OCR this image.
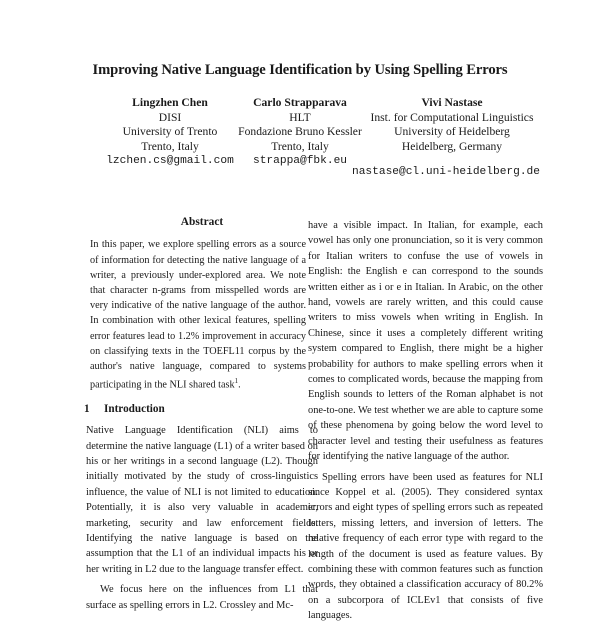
Improving Native Language Identification by Using Spelling Errors
Lingzhen Chen
DISI
University of Trento
Trento, Italy
lzchen.cs@gmail.com
Carlo Strapparava
HLT
Fondazione Bruno Kessler
Trento, Italy
strappa@fbk.eu
Vivi Nastase
Inst. for Computational Linguistics
University of Heidelberg
Heidelberg, Germany
nastase@cl.uni-heidelberg.de
Abstract

In this paper, we explore spelling errors as a source of information for detecting the native language of a writer, a previously under-explored area. We note that character n-grams from misspelled words are very indicative of the native language of the author. In combination with other lexical features, spelling error features lead to 1.2% improvement in accuracy on classifying texts in the TOEFL11 corpus by the author's native language, compared to systems participating in the NLI shared task$^1$.

1 Introduction

Native Language Identification (NLI) aims to determine the native language (L1) of a writer based on his or her writings in a second language (L2). Though initially motivated by the study of cross-linguistics influence, the value of NLI is not limited to education. Potentially, it is also very valuable in academic, marketing, security and law enforcement fields. Identifying the native language is based on the assumption that the L1 of an individual impacts his or her writing in L2 due to the language transfer effect.

We focus here on the influences from L1 that surface as spelling errors in L2. Crossley and Mc-

have a visible impact. In Italian, for example, each vowel has only one pronunciation, so it is very common for Italian writers to confuse the use of vowels in English: the English e can correspond to the sounds written either as i or e in Italian. In Arabic, on the other hand, vowels are rarely written, and this could cause writers to miss vowels when writing in English. In Chinese, since it uses a completely different writing system compared to English, there might be a higher probability for authors to make spelling errors when it comes to complicated words, because the mapping from English sounds to letters of the Roman alphabet is not one-to-one. We test whether we are able to capture some of these phenomena by going below the word level to character level and testing their usefulness as features for identifying the native language of the author.

Spelling errors have been used as features for NLI since Koppel et al. (2005). They considered syntax errors and eight types of spelling errors such as repeated letters, missing letters, and inversion of letters. The relative frequency of each error type with regard to the length of the document is used as feature values. By combining these with common features such as function words, they obtained a classification accuracy of 80.2% on a subcorpora of ICLEv1 that consists of five languages.
